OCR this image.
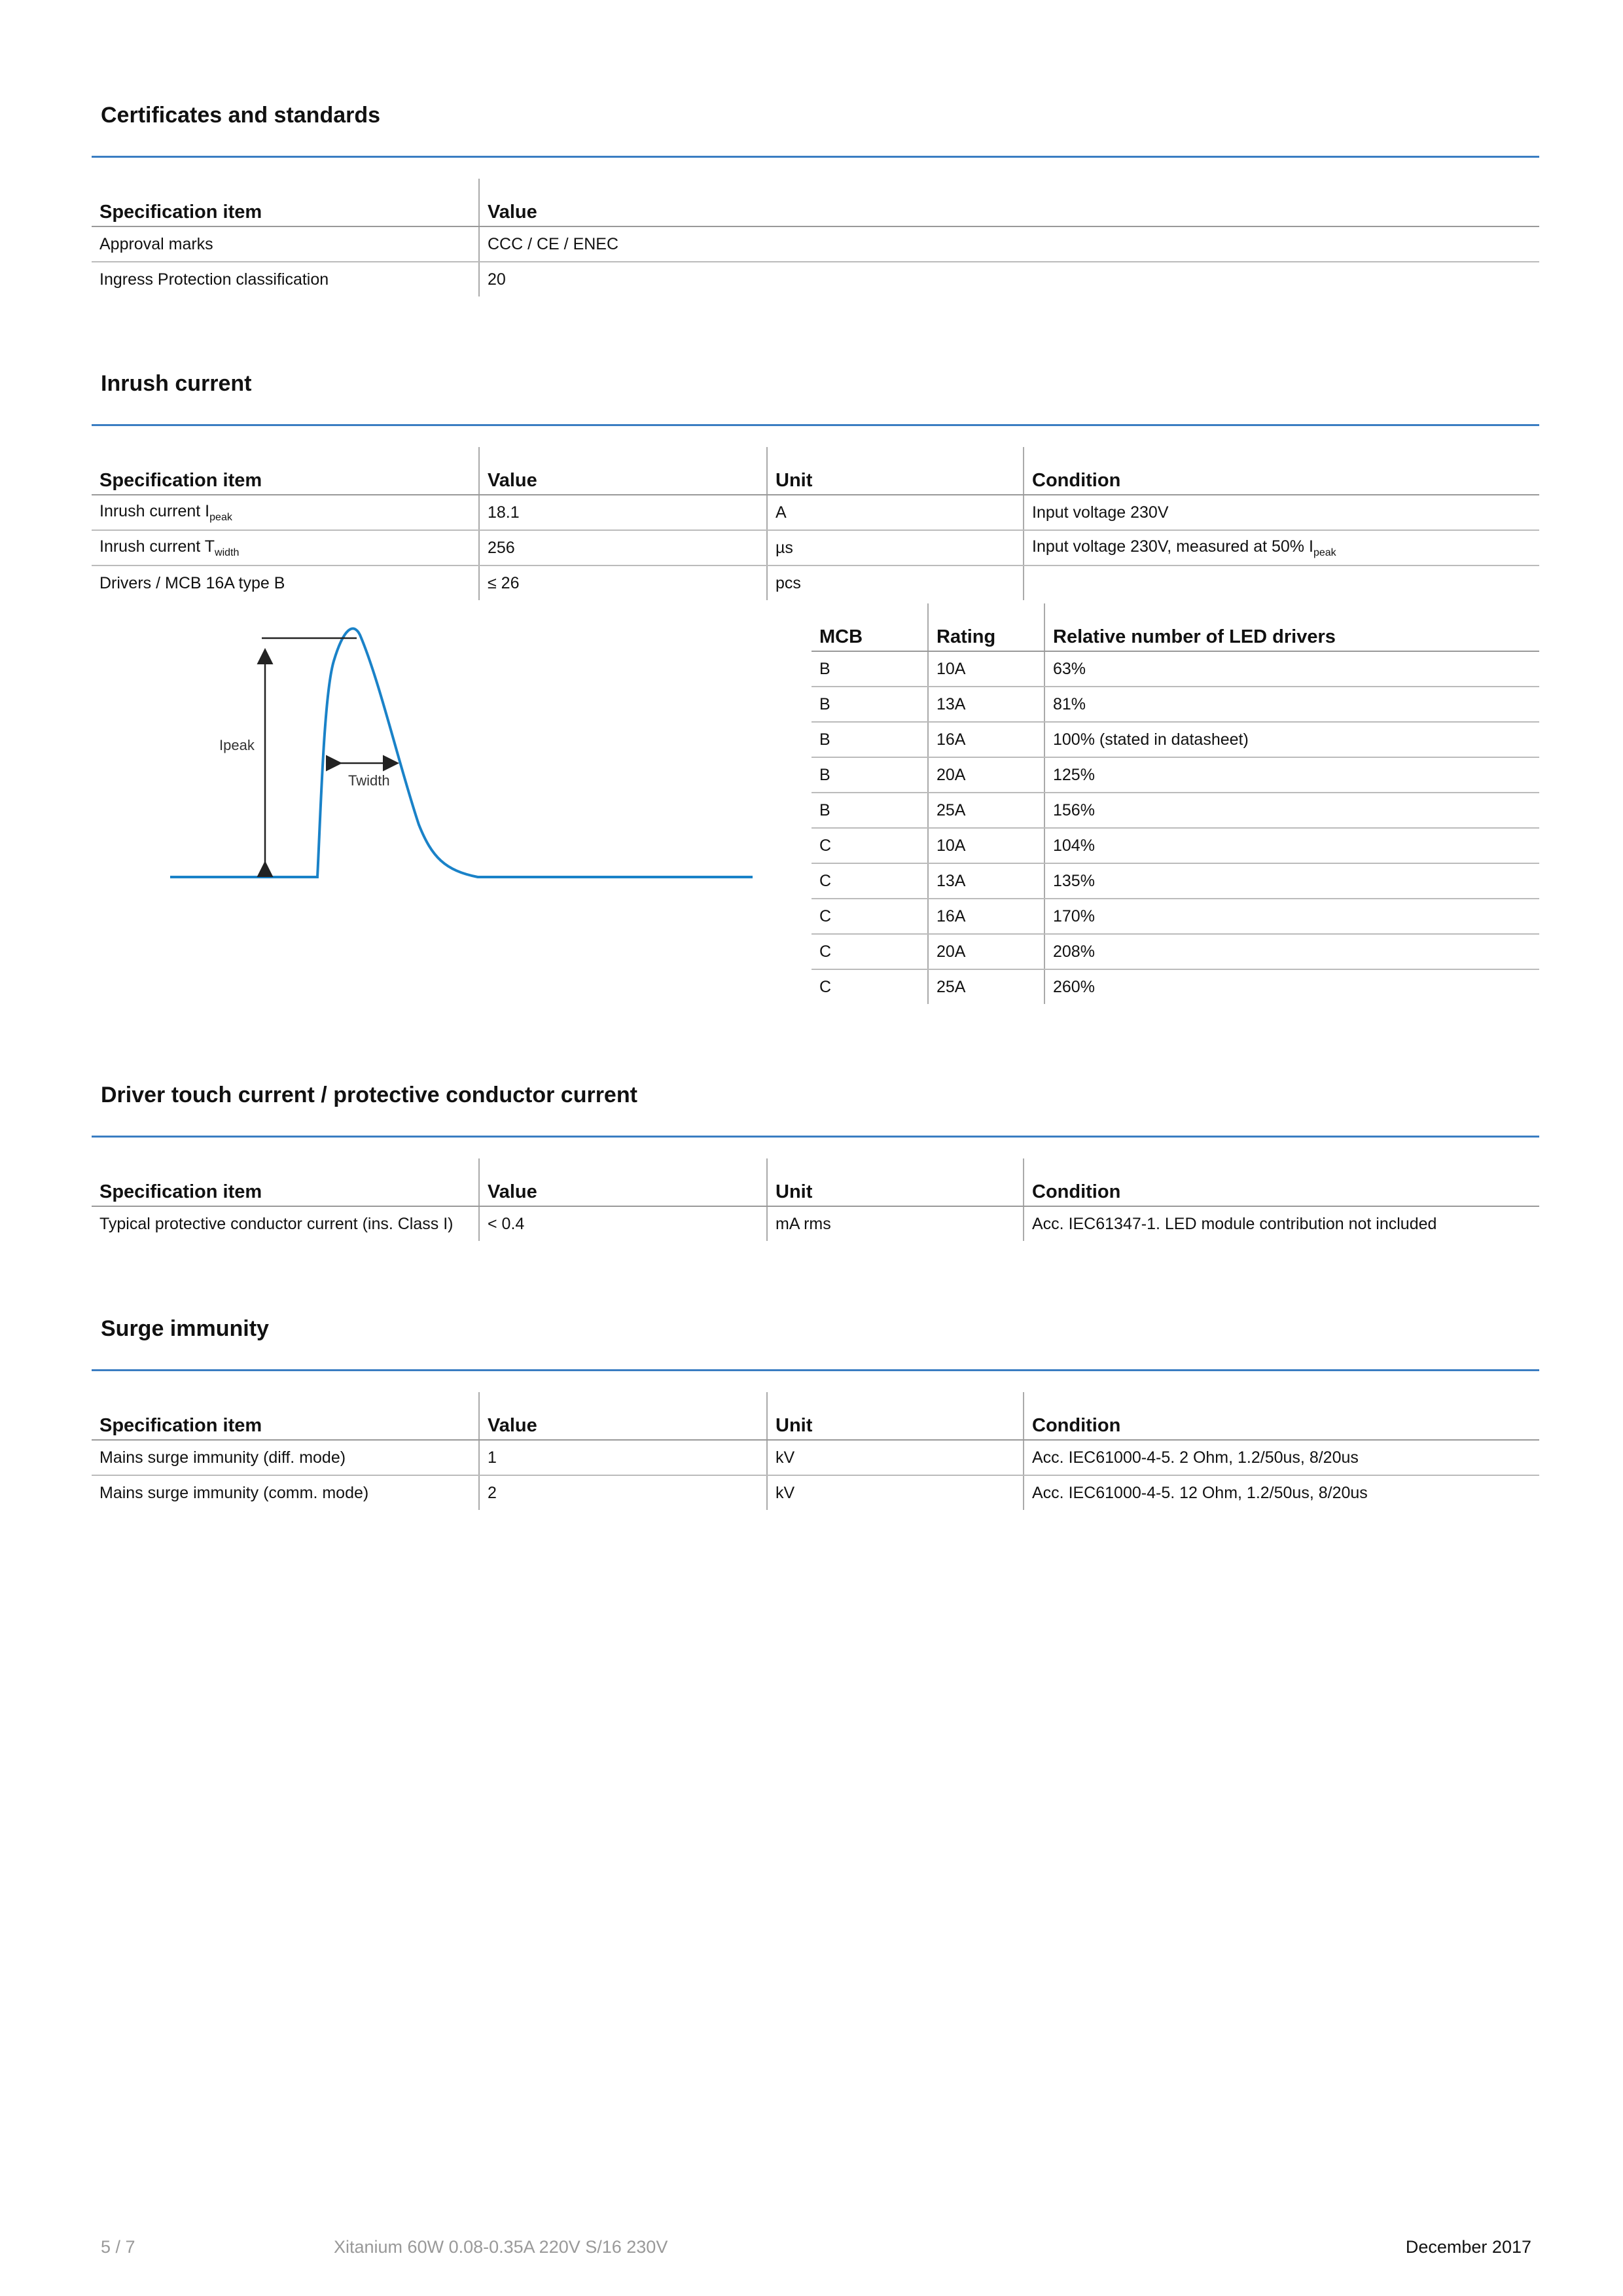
Certificates and standards
Specification item	Value
Approval marks	CCC / CE / ENEC
Ingress Protection classification	20
Inrush current
Specification item	Value	Unit	Condition
Inrush current $I_{peak}$	18.1	A	Input voltage 230V
Inrush current $T_{width}$	256	µs	Input voltage 230V, measured at 50% $I_{peak}$
Drivers / MCB 16A type B	≤ 26	pcs	
Ipeak
Twidth
MCB	Rating	Relative number of LED drivers
B	10A	63%
B	13A	81%
B	16A	100% (stated in datasheet)
B	20A	125%
B	25A	156%
C	10A	104%
C	13A	135%
C	16A	170%
C	20A	208%
C	25A	260%
Driver touch current / protective conductor current
Specification item	Value	Unit	Condition
Typical protective conductor current (ins. Class I)	< 0.4	mA rms	Acc. IEC61347-1. LED module contribution not included
Surge immunity
Specification item	Value	Unit	Condition
Mains surge immunity (diff. mode)	1	kV	Acc. IEC61000-4-5. 2 Ohm, 1.2/50us, 8/20us
Mains surge immunity (comm. mode)	2	kV	Acc. IEC61000-4-5. 12 Ohm, 1.2/50us, 8/20us
5 / 7	Xitanium 60W 0.08-0.35A 220V S/16 230V	December 2017
